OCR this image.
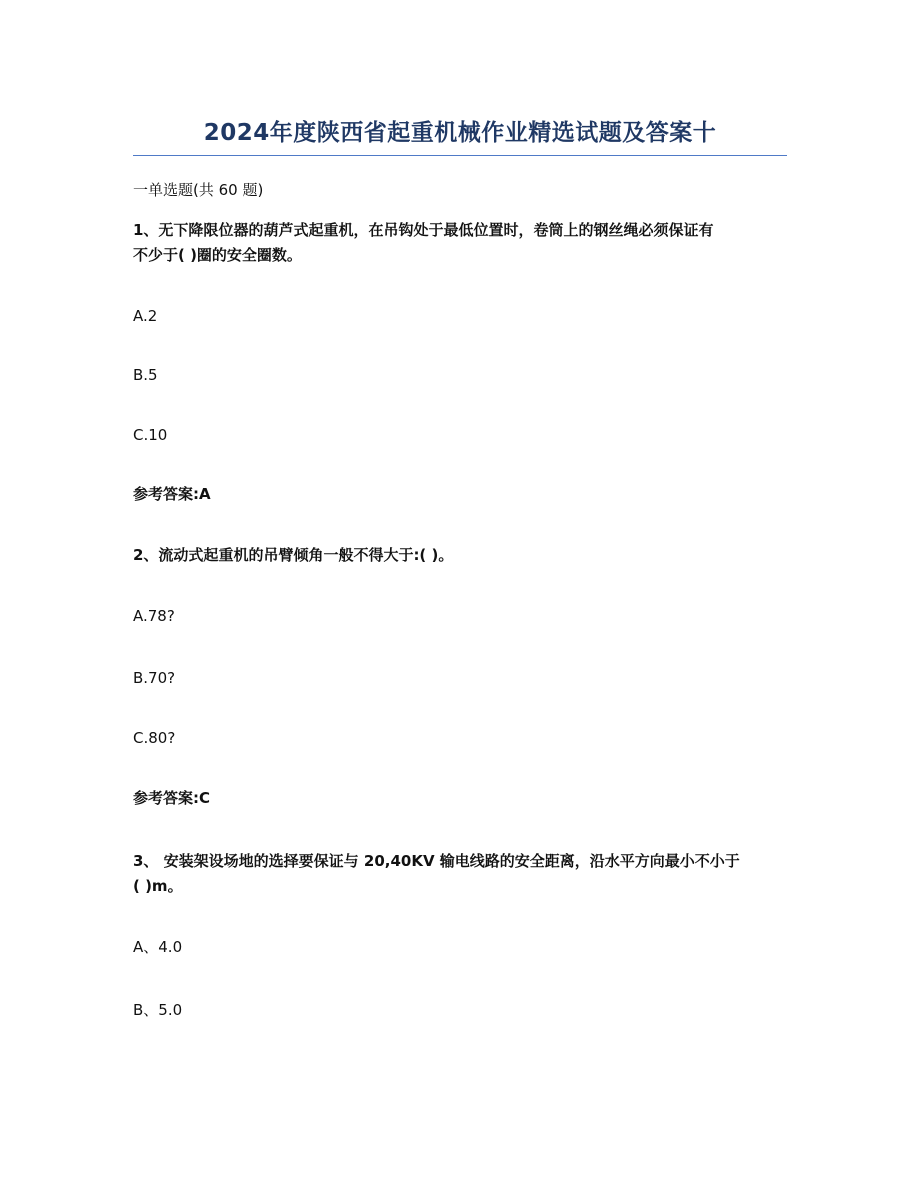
2024年度陕西省起重机械作业精选试题及答案十
一单选题(共 60 题)
1、无下降限位器的葫芦式起重机，在吊钩处于最低位置时，卷筒上的钢丝绳必须保证有
不少于( )圈的安全圈数。
A.2
B.5
C.10
参考答案:A
2、流动式起重机的吊臂倾角一般不得大于:( )。
A.78?
B.70?
C.80?
参考答案:C
3、 安装架设场地的选择要保证与 20,40KV 输电线路的安全距离，沿水平方向最小不小于
( )m。
A、4.0
B、5.0
